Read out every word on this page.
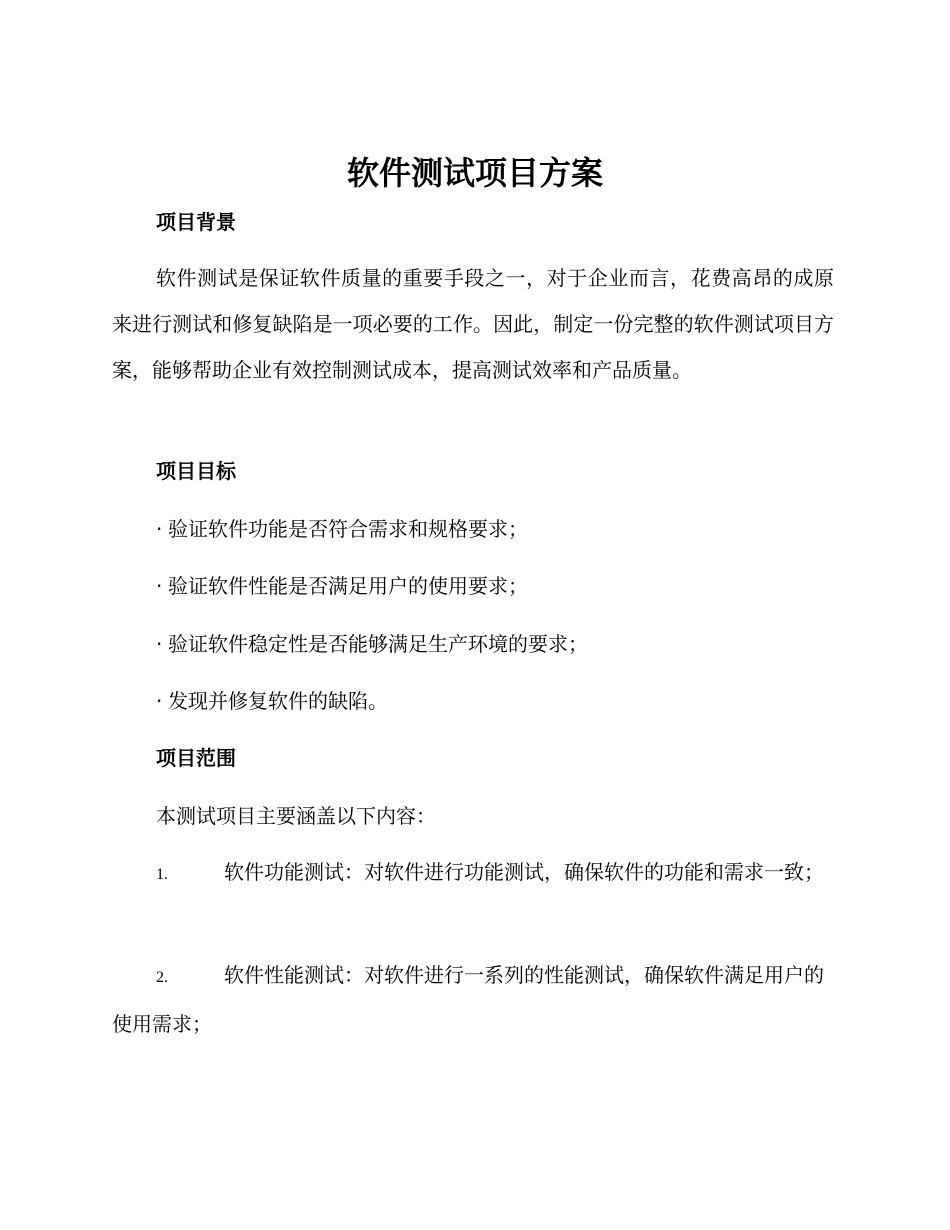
软件测试项目方案
项目背景

软件测试是保证软件质量的重要手段之一，对于企业而言，花费高昂的成原来进行测试和修复缺陷是一项必要的工作。因此，制定一份完整的软件测试项目方案，能够帮助企业有效控制测试成本，提高测试效率和产品质量。

项目目标

· 验证软件功能是否符合需求和规格要求；

· 验证软件性能是否满足用户的使用要求；

· 验证软件稳定性是否能够满足生产环境的要求；

· 发现并修复软件的缺陷。

项目范围

本测试项目主要涵盖以下内容：

1.	软件功能测试：对软件进行功能测试，确保软件的功能和需求一致；

2.	软件性能测试：对软件进行一系列的性能测试，确保软件满足用户的使用需求；
